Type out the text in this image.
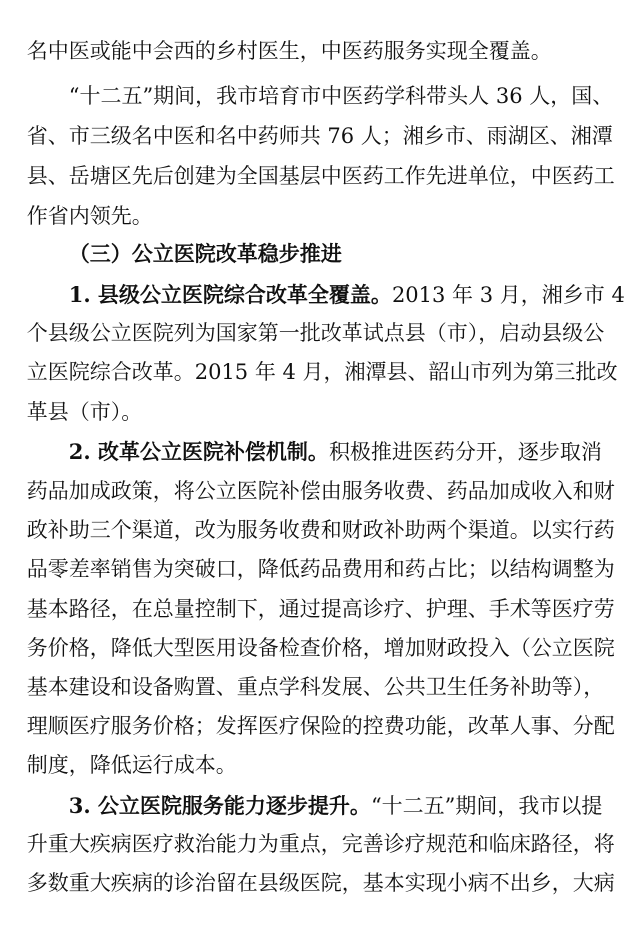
名中医或能中会西的乡村医生，中医药服务实现全覆盖。

“十二五”期间，我市培育市中医药学科带头人 36 人，国、

省、市三级名中医和名中药师共 76 人；湘乡市、雨湖区、湘潭

县、岳塘区先后创建为全国基层中医药工作先进单位，中医药工

作省内领先。

（三）公立医院改革稳步推进

1. 县级公立医院综合改革全覆盖。2013 年 3 月，湘乡市 4

个县级公立医院列为国家第一批改革试点县（市），启动县级公

立医院综合改革。2015 年 4 月，湘潭县、韶山市列为第三批改

革县（市）。

2. 改革公立医院补偿机制。积极推进医药分开，逐步取消

药品加成政策，将公立医院补偿由服务收费、药品加成收入和财

政补助三个渠道，改为服务收费和财政补助两个渠道。以实行药

品零差率销售为突破口，降低药品费用和药占比；以结构调整为

基本路径，在总量控制下，通过提高诊疗、护理、手术等医疗劳

务价格，降低大型医用设备检查价格，增加财政投入（公立医院

基本建设和设备购置、重点学科发展、公共卫生任务补助等），

理顺医疗服务价格；发挥医疗保险的控费功能，改革人事、分配

制度，降低运行成本。

3. 公立医院服务能力逐步提升。“十二五”期间，我市以提

升重大疾病医疗救治能力为重点，完善诊疗规范和临床路径，将

多数重大疾病的诊治留在县级医院，基本实现小病不出乡，大病
